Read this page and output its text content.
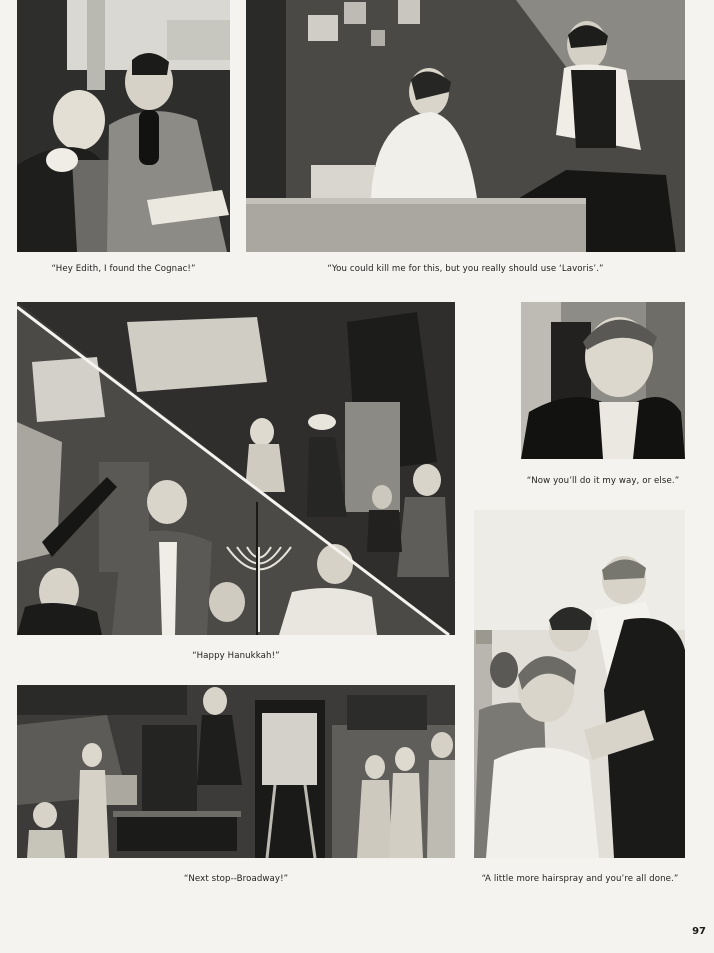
“Hey Edith, I found the Cognac!”	“You could kill me for this, but you really should use ‘Lavoris’.”
“Happy Hanukkah!”
“Now you’ll do it my way, or else.”
“Next stop--Broadway!”	“A little more hairspray and you’re all done.”
97
